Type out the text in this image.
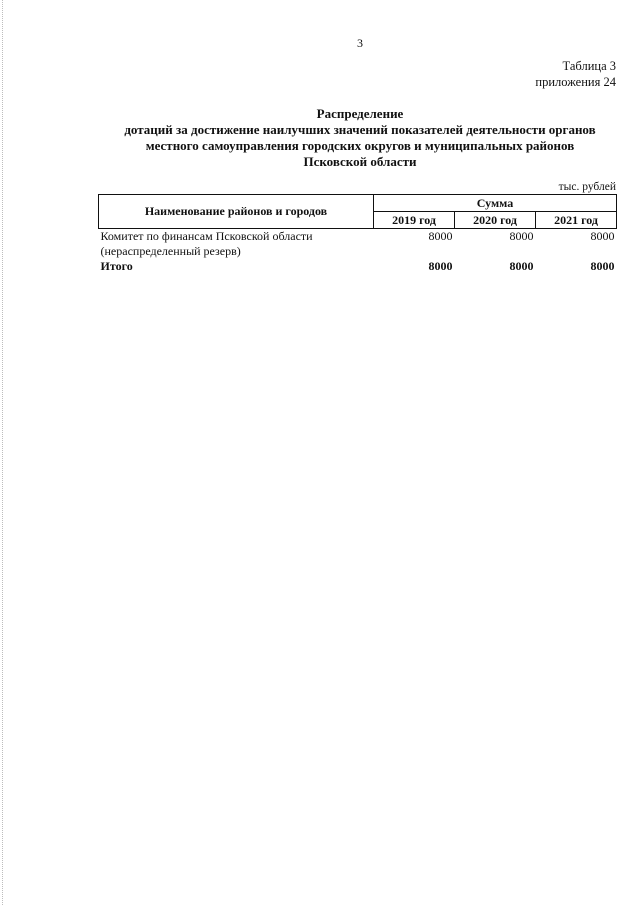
3
Таблица 3
приложения 24
Распределение
дотаций за достижение наилучших значений показателей деятельности органов
местного самоуправления городских округов и муниципальных районов
Псковской области
тыс. рублей
Наименование районов и городов	Сумма		
	2019 год	2020 год	2021 год

Комитет по финансам Псковской области
(нераспределенный резерв)	8000	8000	8000
Итого	8000	8000	8000
